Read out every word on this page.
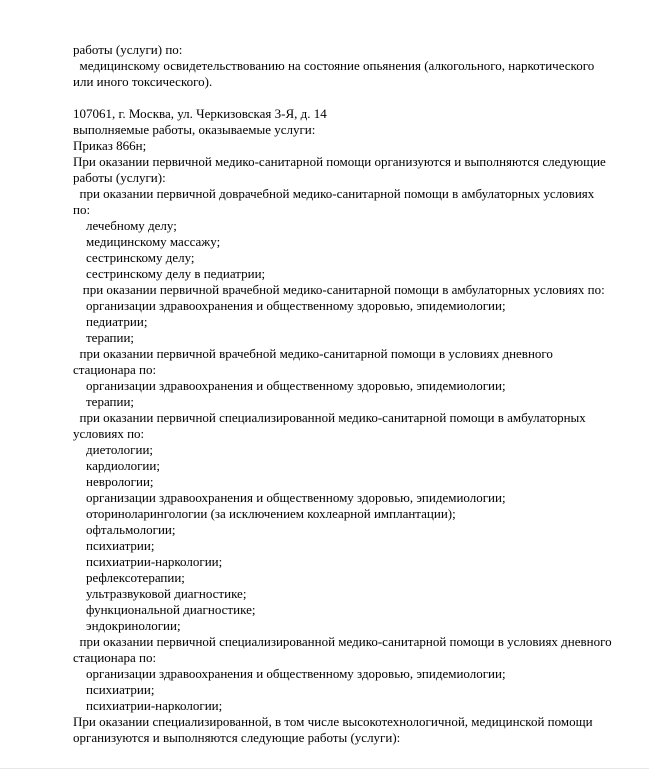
работы (услуги) по:
медицинскому освидетельствованию на состояние опьянения (алкогольного, наркотического
или иного токсического).
107061, г. Москва, ул. Черкизовская 3-Я, д. 14
выполняемые работы, оказываемые услуги:
Приказ 866н;
При оказании первичной медико-санитарной помощи организуются и выполняются следующие
работы (услуги):
при оказании первичной доврачебной медико-санитарной помощи в амбулаторных условиях
по:
лечебному делу;
медицинскому массажу;
сестринскому делу;
сестринскому делу в педиатрии;
при оказании первичной врачебной медико-санитарной помощи в амбулаторных условиях по:
организации здравоохранения и общественному здоровью, эпидемиологии;
педиатрии;
терапии;
при оказании первичной врачебной медико-санитарной помощи в условиях дневного
стационара по:
организации здравоохранения и общественному здоровью, эпидемиологии;
терапии;
при оказании первичной специализированной медико-санитарной помощи в амбулаторных
условиях по:
диетологии;
кардиологии;
неврологии;
организации здравоохранения и общественному здоровью, эпидемиологии;
оториноларингологии (за исключением кохлеарной имплантации);
офтальмологии;
психиатрии;
психиатрии-наркологии;
рефлексотерапии;
ультразвуковой диагностике;
функциональной диагностике;
эндокринологии;
при оказании первичной специализированной медико-санитарной помощи в условиях дневного
стационара по:
организации здравоохранения и общественному здоровью, эпидемиологии;
психиатрии;
психиатрии-наркологии;
При оказании специализированной, в том числе высокотехнологичной, медицинской помощи
организуются и выполняются следующие работы (услуги):
